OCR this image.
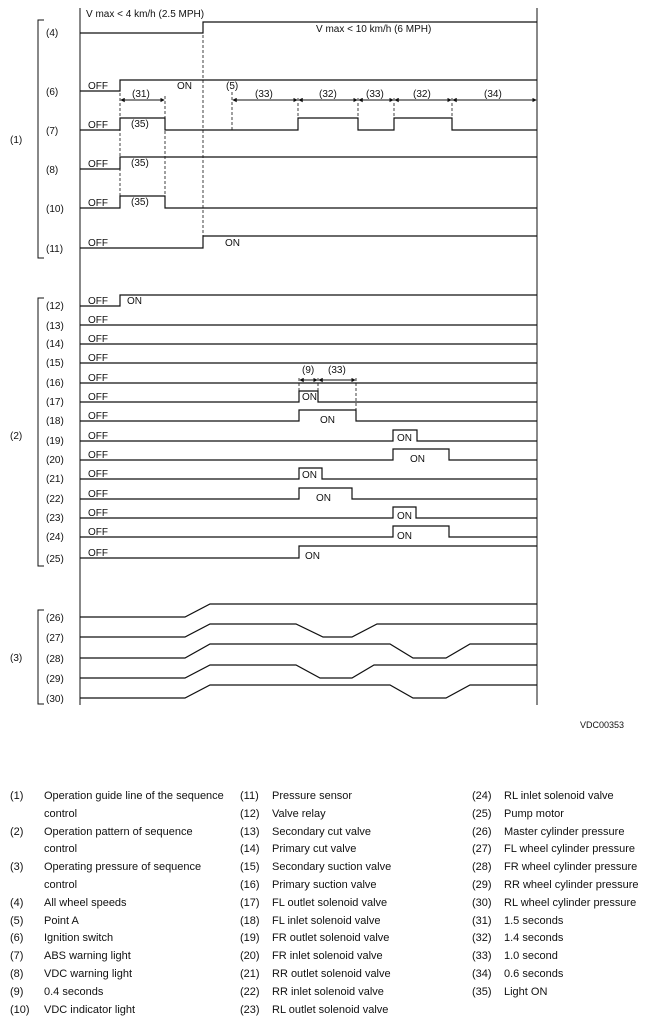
(1)
(2)
(3)
(4)
(6)
(7)
(8)
(10)
(11)
(12)
(13)
(14)
(15)
(16)
(17)
(18)
(19)
(20)
(21)
(22)
(23)
(24)
(25)
(26)
(27)
(28)
(29)
(30)
V max < 4 km/h (2.5 MPH)
V max < 10 km/h (6 MPH)
OFF
OFF
OFF
OFF
OFF
OFF
OFF
OFF
OFF
OFF
OFF
OFF
OFF
OFF
OFF
OFF
OFF
OFF
OFF
ON
ON
ON
ON
ON
ON
ON
ON
ON
ON
ON
ON
(35)
(35)
(35)
(31)
(5)
(33)	(32)	(33)	(32)	(34)
(9) (33)
VDC00353
(1)	Operation guide line of the sequence control
(2)	Operation pattern of sequence control
(3)	Operating pressure of sequence control
(4)	All wheel speeds
(5)	Point A
(6)	Ignition switch
(7)	ABS warning light
(8)	VDC warning light
(9)	0.4 seconds
(10)	VDC indicator light
(11)	Pressure sensor
(12)	Valve relay
(13)	Secondary cut valve
(14)	Primary cut valve
(15)	Secondary suction valve
(16)	Primary suction valve
(17)	FL outlet solenoid valve
(18)	FL inlet solenoid valve
(19)	FR outlet solenoid valve
(20)	FR inlet solenoid valve
(21)	RR outlet solenoid valve
(22)	RR inlet solenoid valve
(23)	RL outlet solenoid valve
(24)	RL inlet solenoid valve
(25)	Pump motor
(26)	Master cylinder pressure
(27)	FL wheel cylinder pressure
(28)	FR wheel cylinder pressure
(29)	RR wheel cylinder pressure
(30)	RL wheel cylinder pressure
(31)	1.5 seconds
(32)	1.4 seconds
(33)	1.0 second
(34)	0.6 seconds
(35)	Light ON
